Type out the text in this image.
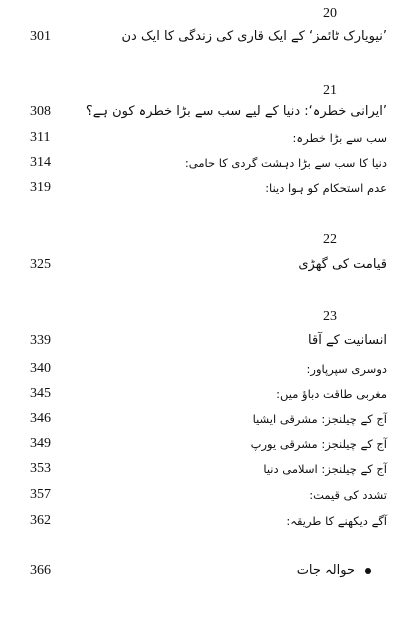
20
301	’نیویارک ٹائمز‘ کے ایک قاری کی زندگی کا ایک دن
21
308	’ایرانی خطرہ‘: دنیا کے لیے سب سے بڑا خطرہ کون ہے؟
311	سب سے بڑا خطرہ:
314	دنیا کا سب سے بڑا دہشت گردی کا حامی:
319	عدم استحکام کو ہوا دینا:
22
325	قیامت کی گھڑی
23
339	انسانیت کے آقا
340	دوسری سپرپاور:
345	مغربی طاقت دباؤ میں:
346	آج کے چیلنجز: مشرقی ایشیا
349	آج کے چیلنجز: مشرقی یورپ
353	آج کے چیلنجز: اسلامی دنیا
357	تشدد کی قیمت:
362	آگے دیکھنے کا طریقہ:
366	حوالہ جات
